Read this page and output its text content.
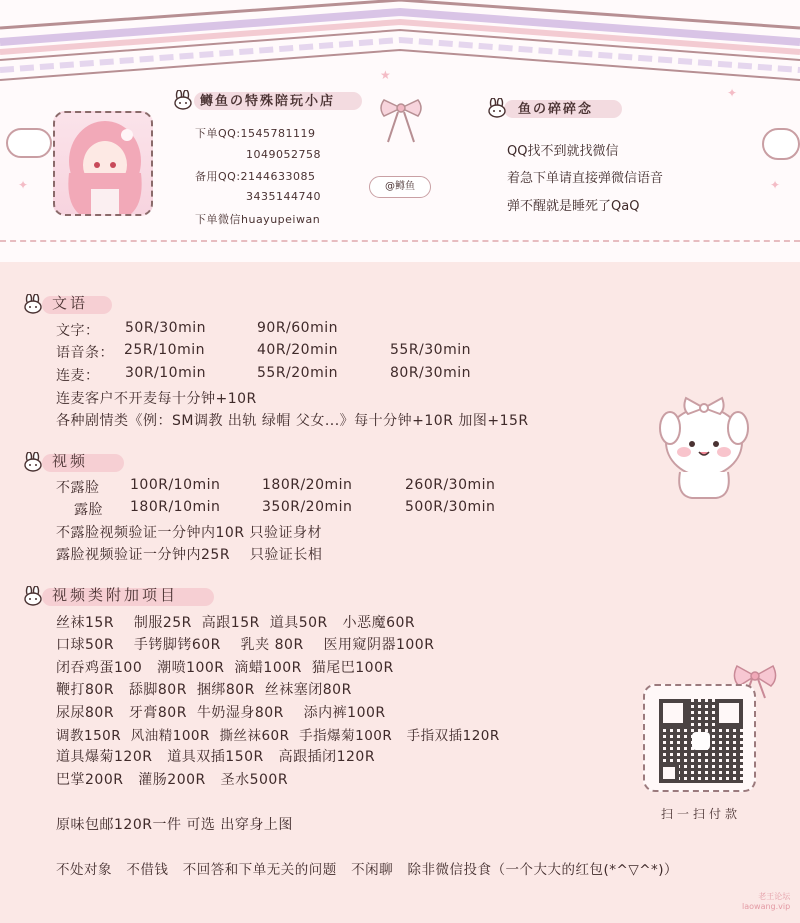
★
✦	✦
✦
鳟鱼の特殊陪玩小店
下单QQ:1545781119
1049052758
备用QQ:2144633085
3435144740
下单微信huayupeiwan
@鳟鱼
鱼の碎碎念
QQ找不到就找微信
着急下单请直接弹微信语音
弹不醒就是睡死了QaQ
文语
文字： 50R/30min	90R/60min
语音条： 25R/10min	40R/20min	55R/30min
连麦： 30R/10min	55R/20min	80R/30min
连麦客户不开麦每十分钟+10R
各种剧情类《例：SM调教 出轨 绿帽 父女...》每十分钟+10R 加图+15R
视频
不露脸 100R/10min	180R/20min	260R/30min
露脸 180R/10min	350R/20min	500R/30min
不露脸视频验证一分钟内10R 只验证身材
露脸视频验证一分钟内25R    只验证长相
视频类附加项目
丝袜15R    制服25R  高跟15R  道具50R   小恶魔60R
口球50R    手铐脚铐60R    乳夹 80R    医用窥阴器100R
闭吞鸡蛋100   潮喷100R  滴蜡100R  猫尾巴100R
鞭打80R   舔脚80R  捆绑80R  丝袜塞闭80R
尿尿80R   牙膏80R  牛奶湿身80R    添内裤100R
调教150R  风油精100R  撕丝袜60R  手指爆菊100R   手指双插120R
道具爆菊120R   道具双插150R   高跟插闭120R
巴掌200R   灌肠200R   圣水500R
原味包邮120R一件 可选 出穿身上图
不处对象   不借钱   不回答和下单无关的问题   不闲聊   除非微信投食（一个大大的红包(*^▽^*)）
扫一扫付款
老王论坛
laowang.vip
